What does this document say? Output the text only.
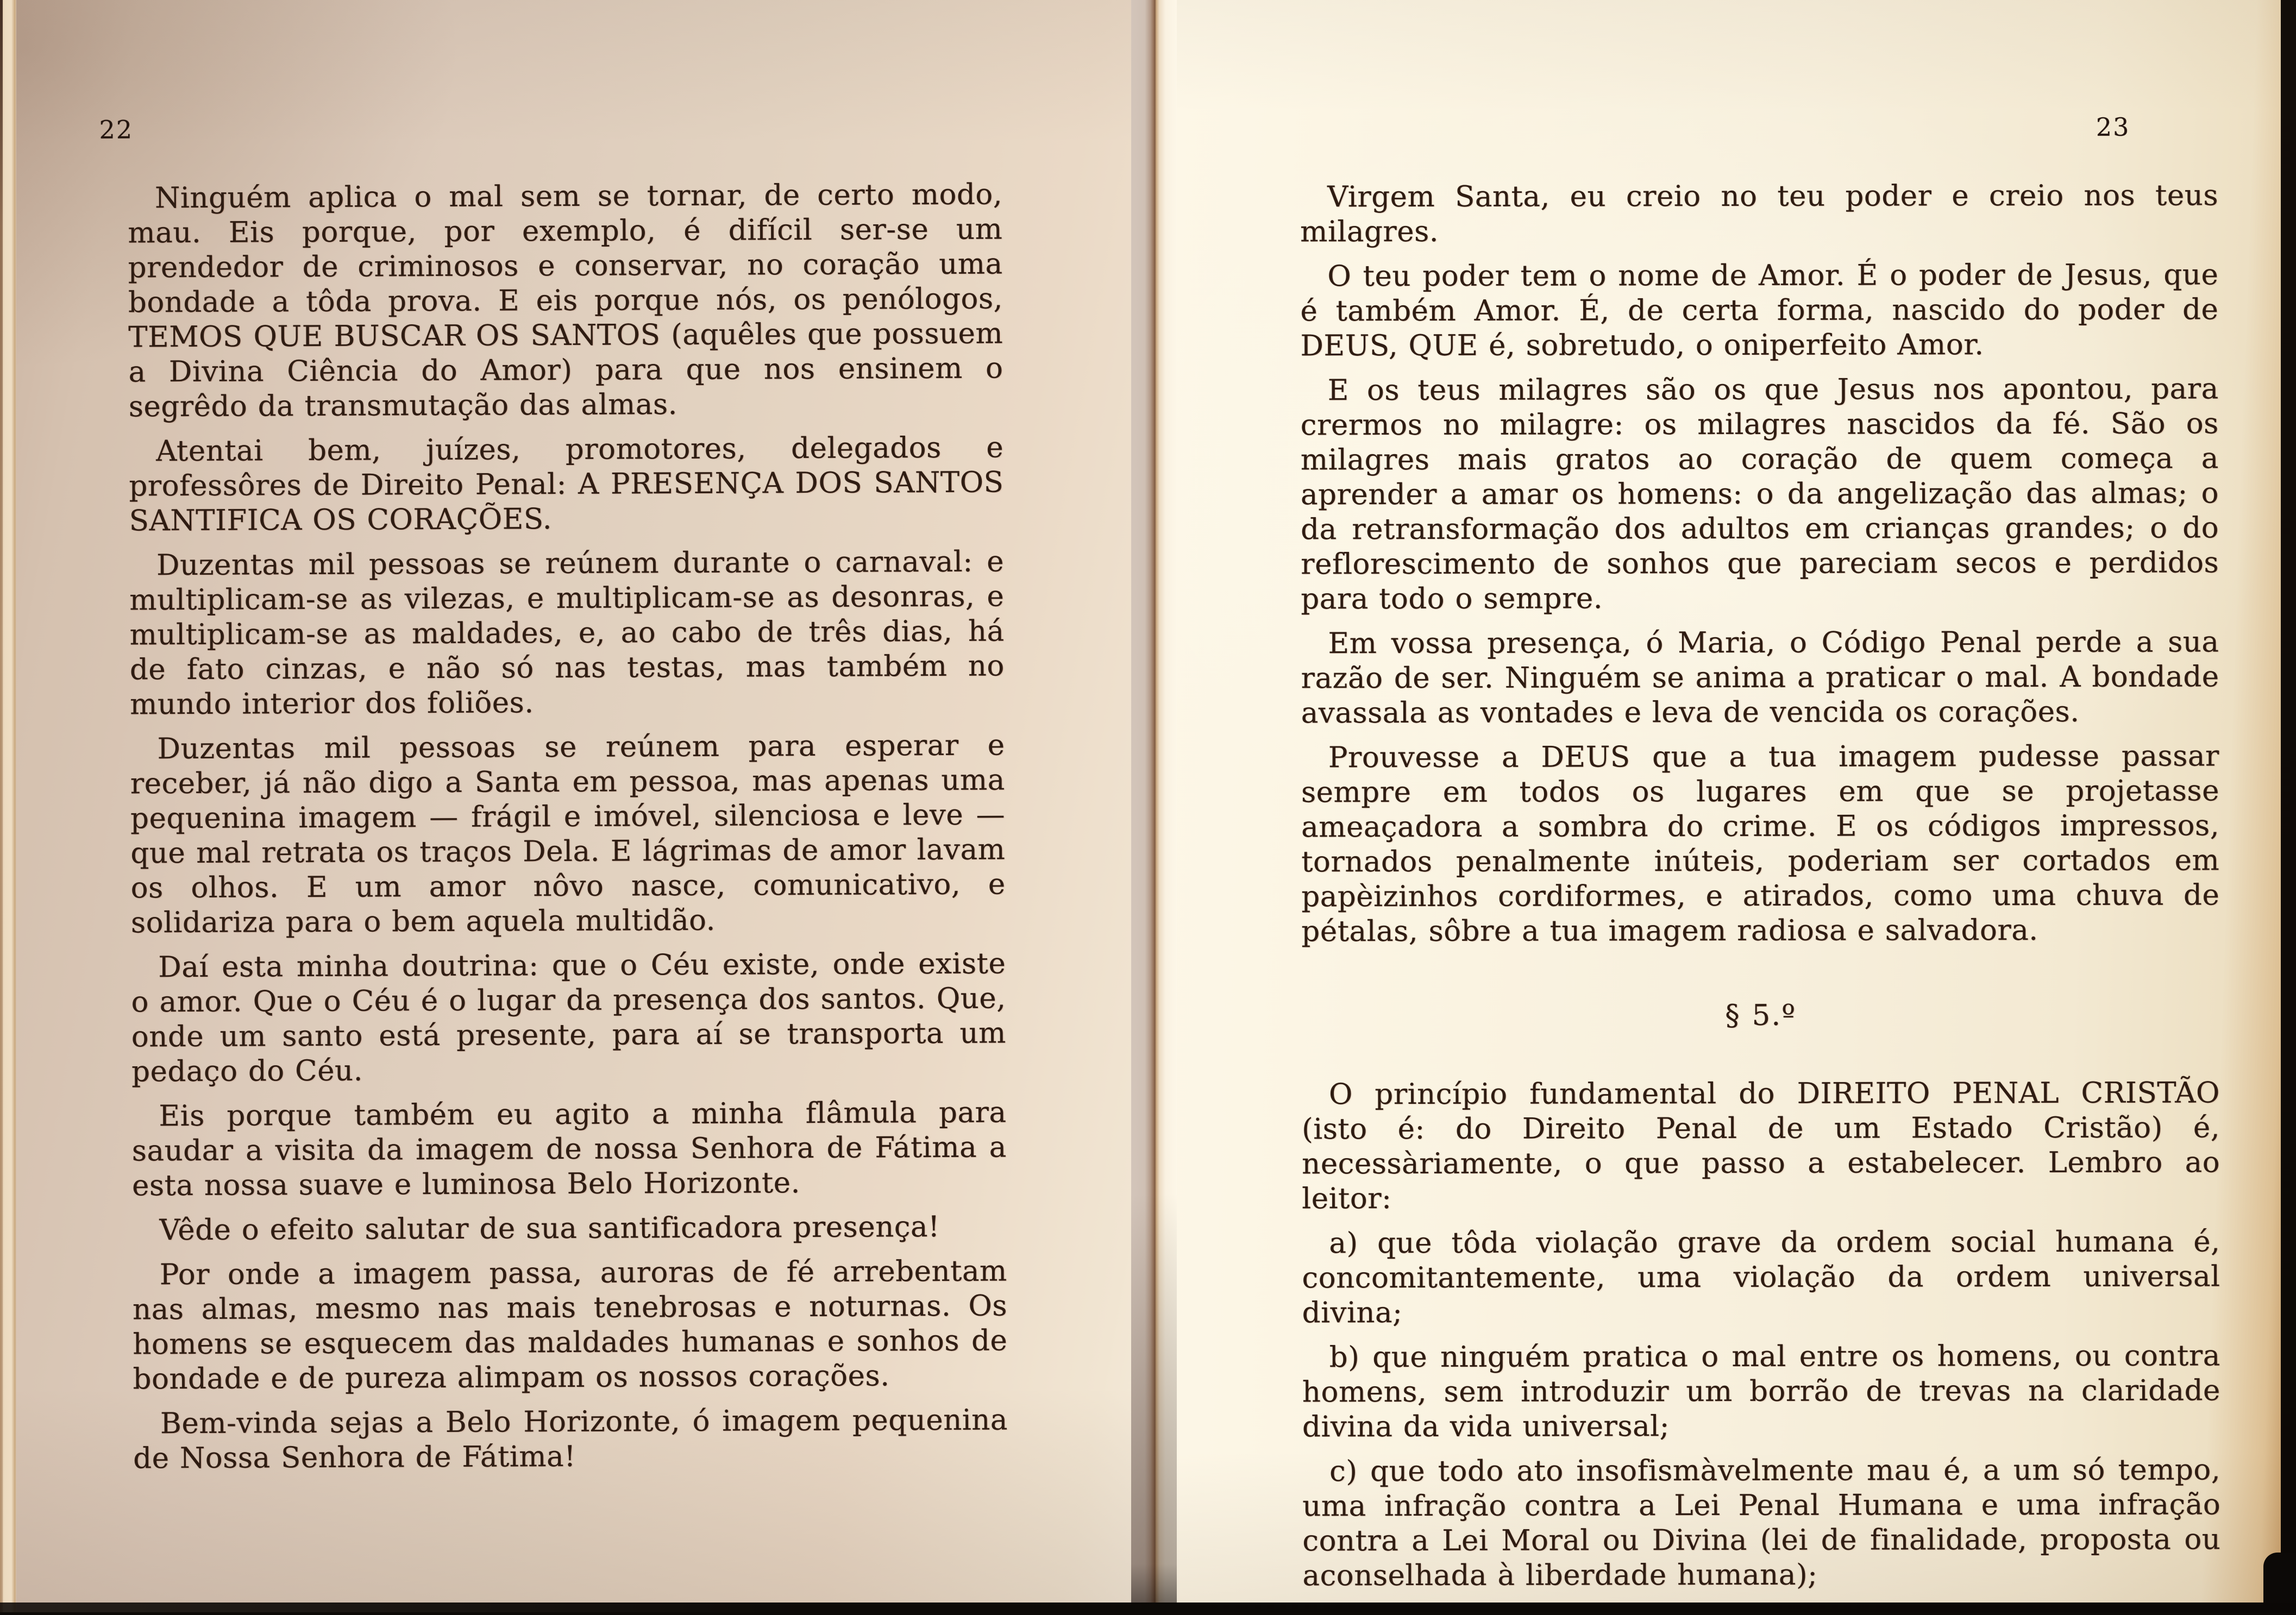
22

Ninguém aplica o mal sem se tornar, de certo modo, mau. Eis porque, por exemplo, é difícil ser-se um prendedor de criminosos e conservar, no coração uma bondade a tôda prova. E eis porque nós, os penólogos, TEMOS QUE BUSCAR OS SANTOS (aquêles que possuem a Divina Ciência do Amor) para que nos ensinem o segrêdo da transmutação das almas.

Atentai bem, juízes, promotores, delegados e professôres de Direito Penal: A PRESENÇA DOS SANTOS SANTIFICA OS CORAÇÕES.

Duzentas mil pessoas se reúnem durante o carnaval: e multiplicam-se as vilezas, e multiplicam-se as desonras, e multiplicam-se as maldades, e, ao cabo de três dias, há de fato cinzas, e não só nas testas, mas também no mundo interior dos foliões.

Duzentas mil pessoas se reúnem para esperar e receber, já não digo a Santa em pessoa, mas apenas uma pequenina imagem — frágil e imóvel, silenciosa e leve — que mal retrata os traços Dela. E lágrimas de amor lavam os olhos. E um amor nôvo nasce, comunicativo, e solidariza para o bem aquela multidão.

Daí esta minha doutrina: que o Céu existe, onde existe o amor. Que o Céu é o lugar da presença dos santos. Que, onde um santo está presente, para aí se transporta um pedaço do Céu.

Eis porque também eu agito a minha flâmula para saudar a visita da imagem de nossa Senhora de Fátima a esta nossa suave e luminosa Belo Horizonte.

Vêde o efeito salutar de sua santificadora presença!

Por onde a imagem passa, auroras de fé arrebentam nas almas, mesmo nas mais tenebrosas e noturnas. Os homens se esquecem das maldades humanas e sonhos de bondade e de pureza alimpam os nossos corações.

Bem-vinda sejas a Belo Horizonte, ó imagem pequenina de Nossa Senhora de Fátima!

23

Virgem Santa, eu creio no teu poder e creio nos teus milagres.

O teu poder tem o nome de Amor. É o poder de Jesus, que é também Amor. É, de certa forma, nascido do poder de DEUS, QUE é, sobretudo, o oniperfeito Amor.

E os teus milagres são os que Jesus nos apontou, para crermos no milagre: os milagres nascidos da fé. São os milagres mais gratos ao coração de quem começa a aprender a amar os homens: o da angelização das almas; o da retransformação dos adultos em crianças grandes; o do reflorescimento de sonhos que pareciam secos e perdidos para todo o sempre.

Em vossa presença, ó Maria, o Código Penal perde a sua razão de ser. Ninguém se anima a praticar o mal. A bondade avassala as vontades e leva de vencida os corações.

Prouvesse a DEUS que a tua imagem pudesse passar sempre em todos os lugares em que se projetasse ameaçadora a sombra do crime. E os códigos impressos, tornados penalmente inúteis, poderiam ser cortados em papèizinhos cordiformes, e atirados, como uma chuva de pétalas, sôbre a tua imagem radiosa e salvadora.

§ 5.º

O princípio fundamental do DIREITO PENAL CRISTÃO (isto é: do Direito Penal de um Estado Cristão) é, necessàriamente, o que passo a estabelecer. Lembro ao leitor:

a) que tôda violação grave da ordem social humana é, concomitantemente, uma violação da ordem universal divina;

b) que ninguém pratica o mal entre os homens, ou contra homens, sem introduzir um borrão de trevas na claridade divina da vida universal;

c) que todo ato insofismàvelmente mau é, a um só tempo, uma infração contra a Lei Penal Humana e uma infração contra a Lei Moral ou Divina (lei de finalidade, proposta ou aconselhada à liberdade humana);
